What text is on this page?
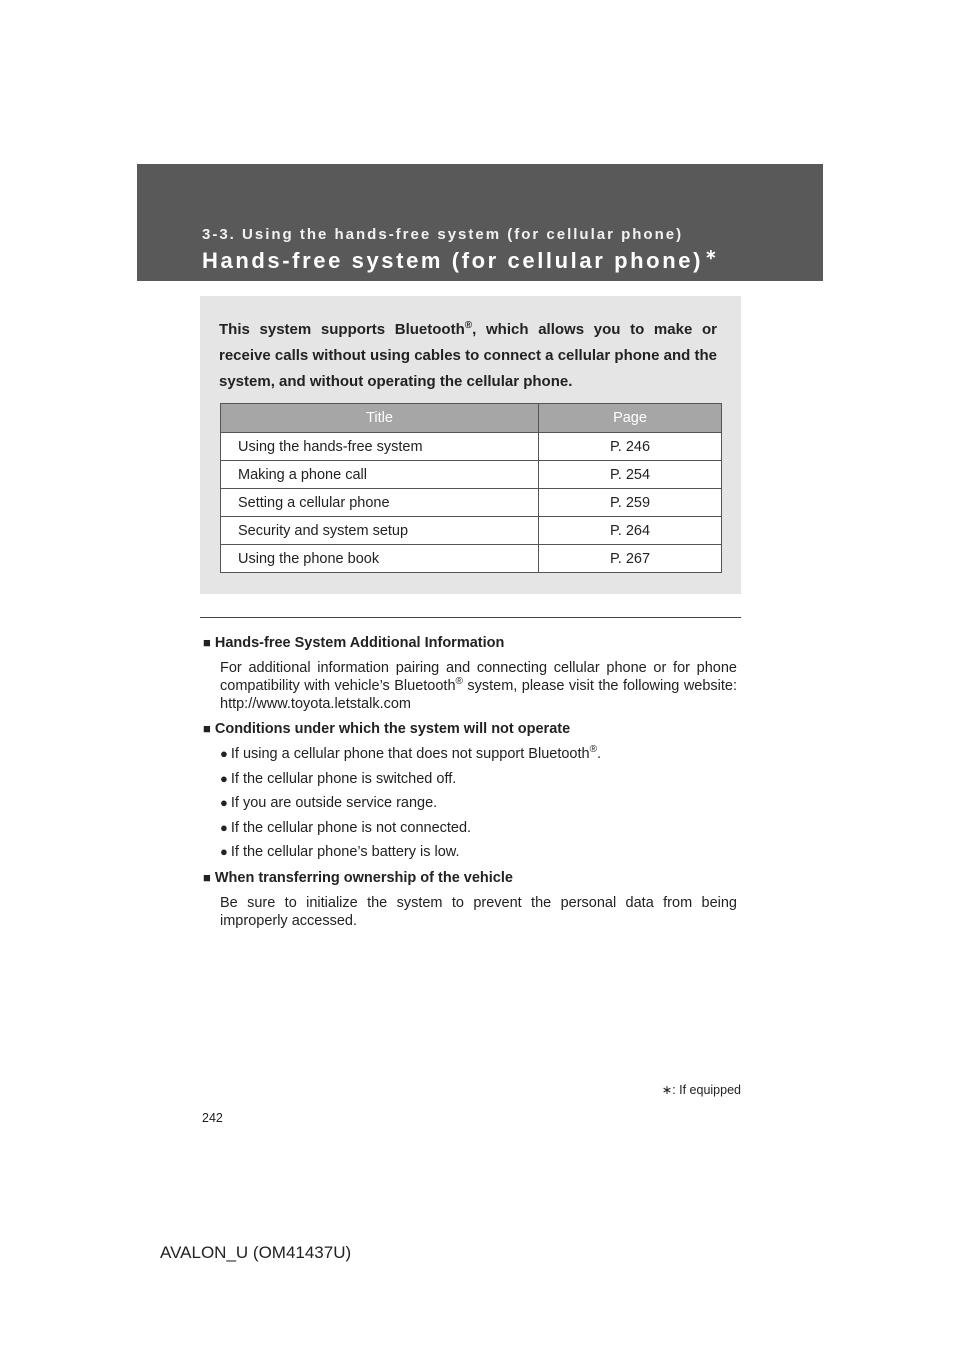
3-3. Using the hands-free system (for cellular phone)

Hands-free system (for cellular phone) ∗

This system supports Bluetooth®, which allows you to make or receive calls without using cables to connect a cellular phone and the system, and without operating the cellular phone.

Title	Page
Using the hands-free system	P. 246
Making a phone call	P. 254
Setting a cellular phone	P. 259
Security and system setup	P. 264
Using the phone book	P. 267

■ Hands-free System Additional Information

For additional information pairing and connecting cellular phone or for phone compatibility with vehicle’s Bluetooth® system, please visit the following website: http://www.toyota.letstalk.com

■ Conditions under which the system will not operate

● If using a cellular phone that does not support Bluetooth®.
● If the cellular phone is switched off.
● If you are outside service range.
● If the cellular phone is not connected.
● If the cellular phone’s battery is low.

■ When transferring ownership of the vehicle

Be sure to initialize the system to prevent the personal data from being improperly accessed.

∗: If equipped

242

AVALON_U (OM41437U)
